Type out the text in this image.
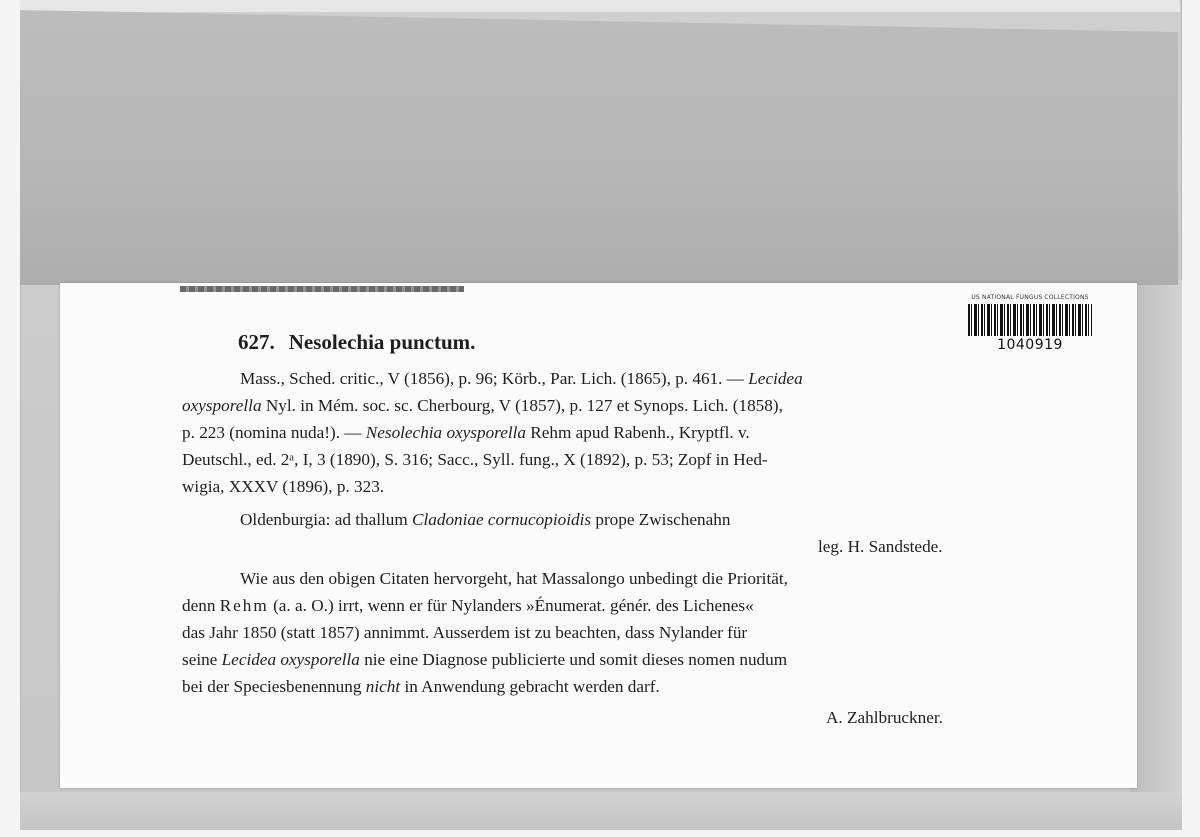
US NATIONAL FUNGUS COLLECTIONS
1040919
627. Nesolechia punctum.
Mass., Sched. critic., V (1856), p. 96; Körb., Par. Lich. (1865), p. 461. — Lecidea
oxysporella Nyl. in Mém. soc. sc. Cherbourg, V (1857), p. 127 et Synops. Lich. (1858),
p. 223 (nomina nuda!). — Nesolechia oxysporella Rehm apud Rabenh., Kryptfl. v.
Deutschl., ed. 2ᵃ, I, 3 (1890), S. 316; Sacc., Syll. fung., X (1892), p. 53; Zopf in Hed-
wigia, XXXV (1896), p. 323.
Oldenburgia: ad thallum Cladoniae cornucopioidis prope Zwischenahn
leg. H. Sandstede.
Wie aus den obigen Citaten hervorgeht, hat Massalongo unbedingt die Priorität,
denn Rehm (a. a. O.) irrt, wenn er für Nylanders »Énumerat. génér. des Lichenes«
das Jahr 1850 (statt 1857) annimmt. Ausserdem ist zu beachten, dass Nylander für
seine Lecidea oxysporella nie eine Diagnose publicierte und somit dieses nomen nudum
bei der Speciesbenennung nicht in Anwendung gebracht werden darf.
A. Zahlbruckner.
